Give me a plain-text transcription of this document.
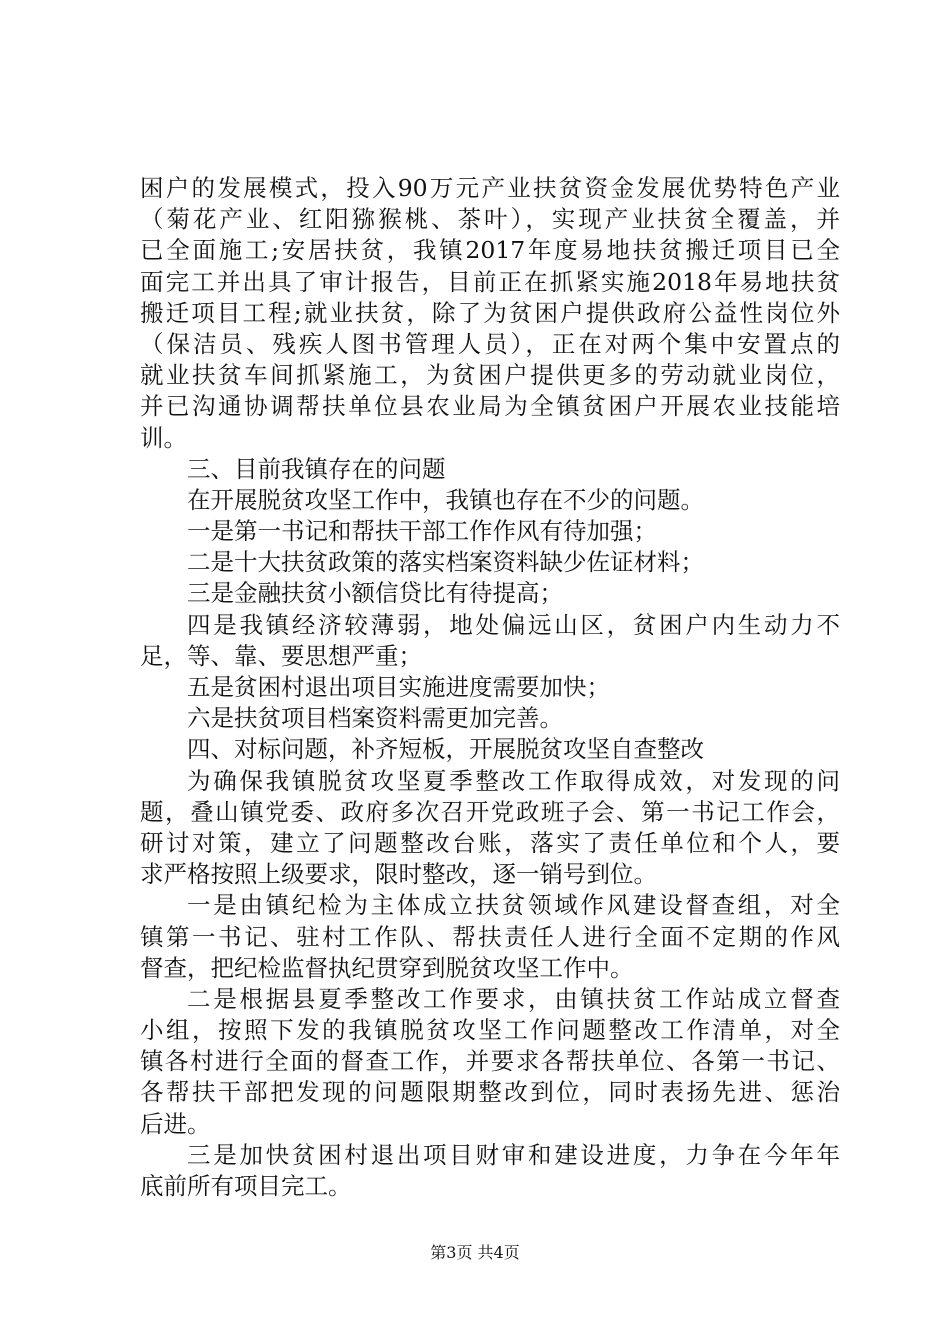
困户的发展模式，投入90万元产业扶贫资金发展优势特色产业
（菊花产业、红阳猕猴桃、茶叶），实现产业扶贫全覆盖，并
已全面施工;安居扶贫，我镇2017年度易地扶贫搬迁项目已全
面完工并出具了审计报告，目前正在抓紧实施2018年易地扶贫
搬迁项目工程;就业扶贫，除了为贫困户提供政府公益性岗位外
（保洁员、残疾人图书管理人员），正在对两个集中安置点的
就业扶贫车间抓紧施工，为贫困户提供更多的劳动就业岗位，
并已沟通协调帮扶单位县农业局为全镇贫困户开展农业技能培
训。
三、目前我镇存在的问题
在开展脱贫攻坚工作中，我镇也存在不少的问题。
一是第一书记和帮扶干部工作作风有待加强；
二是十大扶贫政策的落实档案资料缺少佐证材料；
三是金融扶贫小额信贷比有待提高；
四是我镇经济较薄弱，地处偏远山区，贫困户内生动力不
足，等、靠、要思想严重；
五是贫困村退出项目实施进度需要加快；
六是扶贫项目档案资料需更加完善。
四、对标问题，补齐短板，开展脱贫攻坚自查整改
为确保我镇脱贫攻坚夏季整改工作取得成效，对发现的问
题，叠山镇党委、政府多次召开党政班子会、第一书记工作会，
研讨对策，建立了问题整改台账，落实了责任单位和个人，要
求严格按照上级要求，限时整改，逐一销号到位。
一是由镇纪检为主体成立扶贫领域作风建设督查组，对全
镇第一书记、驻村工作队、帮扶责任人进行全面不定期的作风
督查，把纪检监督执纪贯穿到脱贫攻坚工作中。
二是根据县夏季整改工作要求，由镇扶贫工作站成立督查
小组，按照下发的我镇脱贫攻坚工作问题整改工作清单，对全
镇各村进行全面的督查工作，并要求各帮扶单位、各第一书记、
各帮扶干部把发现的问题限期整改到位，同时表扬先进、惩治
后进。
三是加快贫困村退出项目财审和建设进度，力争在今年年
底前所有项目完工。
第3页 共4页
